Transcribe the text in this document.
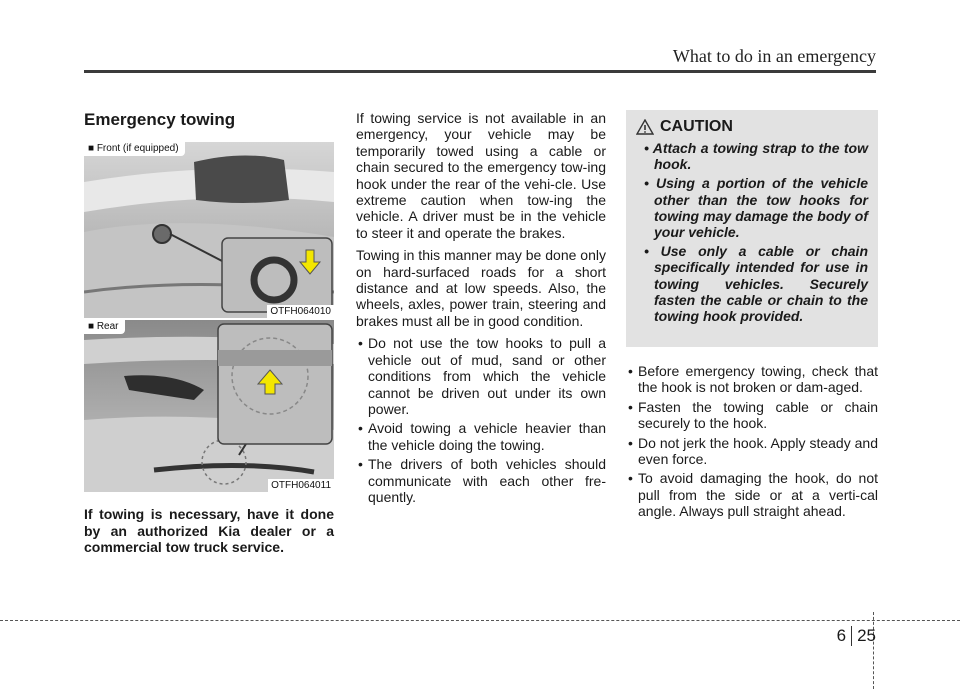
What to do in an emergency
Emergency towing
■ Front (if equipped)
OTFH064010
■ Rear
OTFH064011
If towing is necessary, have it done by an authorized Kia dealer or a commercial tow truck service.

If towing service is not available in an emergency, your vehicle may be temporarily towed using a cable or chain secured to the emergency tow-ing hook under the rear of the vehi-cle. Use extreme caution when tow-ing the vehicle. A driver must be in the vehicle to steer it and operate the brakes.

Towing in this manner may be done only on hard-surfaced roads for a short distance and at low speeds. Also, the wheels, axles, power train, steering and brakes must all be in good condition.

• Do not use the tow hooks to pull a vehicle out of mud, sand or other conditions from which the vehicle cannot be driven out under its own power.
• Avoid towing a vehicle heavier than the vehicle doing the towing.
• The drivers of both vehicles should communicate with each other fre-quently.
CAUTION
• Attach a towing strap to the tow hook.
• Using a portion of the vehicle other than the tow hooks for towing may damage the body of your vehicle.
• Use only a cable or chain specifically intended for use in towing vehicles. Securely fasten the cable or chain to the towing hook provided.
• Before emergency towing, check that the hook is not broken or dam-aged.
• Fasten the towing cable or chain securely to the hook.
• Do not jerk the hook. Apply steady and even force.
• To avoid damaging the hook, do not pull from the side or at a verti-cal angle. Always pull straight ahead.
6 25
